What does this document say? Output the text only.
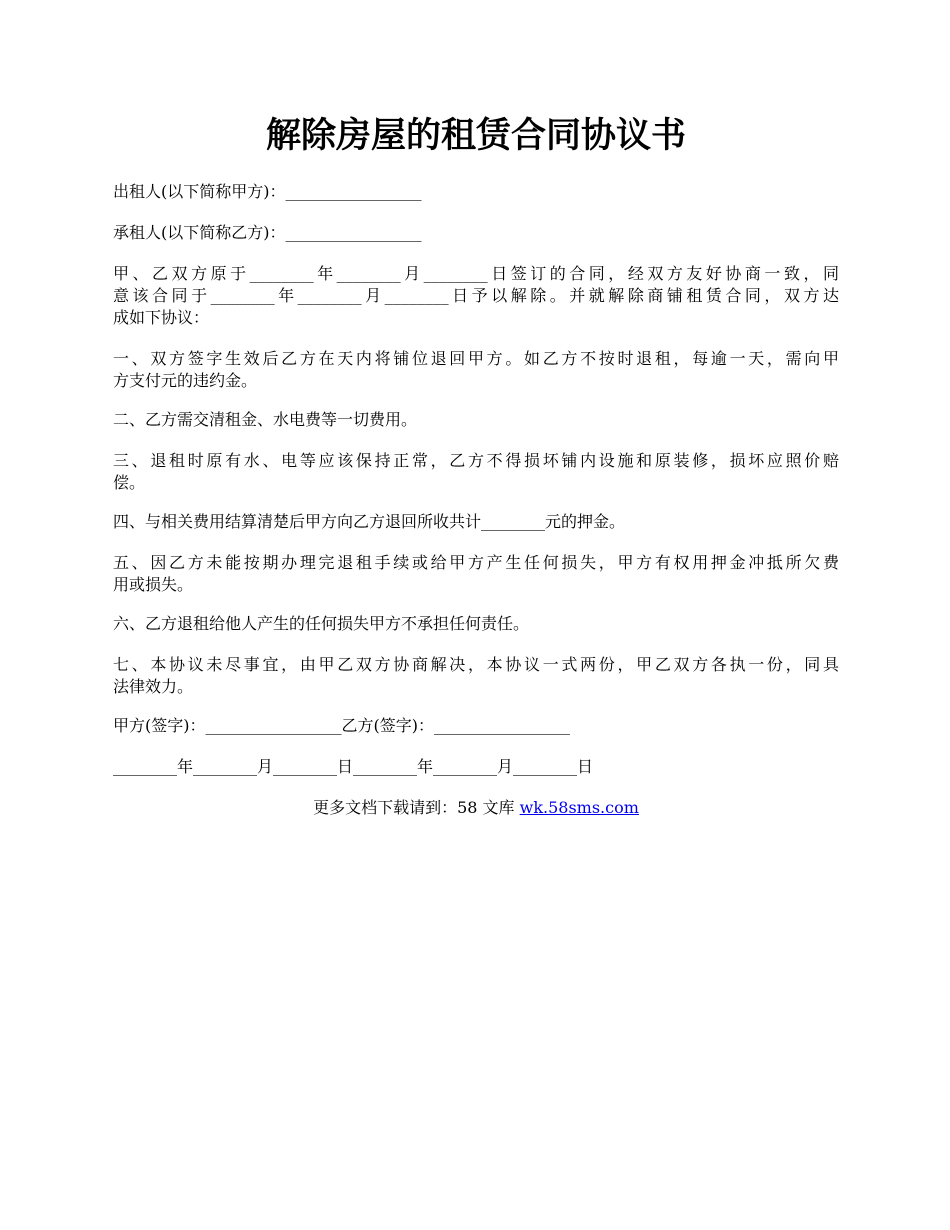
解除房屋的租赁合同协议书

出租人(以下简称甲方)：_________________

承租人(以下简称乙方)：_________________

甲、乙双方原于________年________月________日签订的合同，经双方友好协商一致，同
意该合同于________年________月________日予以解除。并就解除商铺租赁合同，双方达
成如下协议：
一、双方签字生效后乙方在天内将铺位退回甲方。如乙方不按时退租，每逾一天，需向甲
方支付元的违约金。

二、乙方需交清租金、水电费等一切费用。

三、退租时原有水、电等应该保持正常，乙方不得损坏铺内设施和原装修，损坏应照价赔
偿。

四、与相关费用结算清楚后甲方向乙方退回所收共计________元的押金。

五、因乙方未能按期办理完退租手续或给甲方产生任何损失，甲方有权用押金冲抵所欠费
用或损失。

六、乙方退租给他人产生的任何损失甲方不承担任何责任。

七、本协议未尽事宜，由甲乙双方协商解决，本协议一式两份，甲乙双方各执一份，同具
法律效力。

甲方(签字)：_________________乙方(签字)：_________________

________年________月________日________年________月________日

更多文档下载请到：58 文库 wk.58sms.com
